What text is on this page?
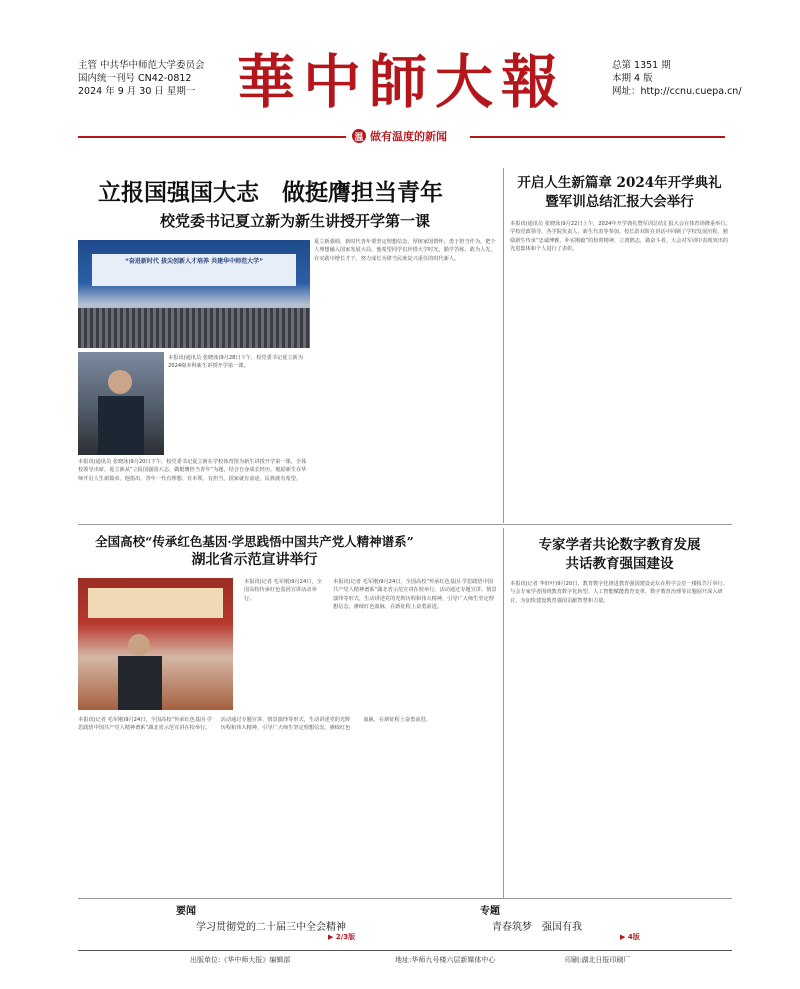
主管 中共华中师范大学委员会
国内统一刊号 CN42-0812
2024 年 9 月 30 日 星期一 華中師大報	总第 1351 期
本期 4 版
网址：http://ccnu.cuepa.cn/
温 做有温度的新闻
立报国强国大志　做挺膺担当青年
校党委书记夏立新为新生讲授开学第一课
“奋进新时代 拔尖创新人才培养 共建华中师范大学”
本报讯(通讯员 张晓泳)9月28日下午，校党委书记夏立新为2024级本科新生讲授开学第一课。
本报讯(通讯员 张晓泳)9月20日下午，校党委书记夏立新在学校体育馆为新生讲授开学第一课，全体校领导出席。夏立新从“立报国强国大志，做挺膺担当青年”为题，结合自身成长经历，勉励新生在华师开启人生新篇章。他指出，青年一代有理想、有本领、有担当，国家就有前途，民族就有希望。
夏立新强调，新时代青年要坚定理想信念，厚植家国情怀，勇于担当作为，把个人理想融入国家发展大局。他希望同学们珍惜大学时光，勤学苦练，敢为人先，在实践中增长才干，努力成长为堪当民族复兴重任的时代新人。
开启人生新篇章 2024年开学典礼
暨军训总结汇报大会举行
本报讯(通讯员 张晓泳)9月22日上午，2024年开学典礼暨军训总结汇报大会在体育场隆重举行。学校党政领导、各学院负责人、新生代表等参加。校长彭双阶在讲话中回顾了学校发展历程，勉励新生传承“忠诚博雅，朴实刚毅”的校训精神，立鸿鹄志，做奋斗者。大会对军训中表现突出的先进集体和个人进行了表彰。
全国高校“传承红色基因·学思践悟中国共产党人精神谱系”
湖北省示范宣讲举行
本报讯(记者 毛军刚)9月24日，全国高校传承红色基因宣讲活动举行。
本报讯(记者 毛军刚)9月24日，全国高校“传承红色基因·学思践悟中国共产党人精神谱系”湖北省示范宣讲在校举行。活动通过专题宣讲、情景演绎等形式，生动讲述党的光辉历程和伟大精神，引导广大师生坚定理想信念，赓续红色血脉，在新征程上奋勇前进。
本报讯(记者 毛军刚)9月24日，全国高校“传承红色基因·学思践悟中国共产党人精神谱系”湖北省示范宣讲在校举行。活动通过专题宣讲、情景演绎等形式，生动讲述党的光辉历程和伟大精神，引导广大师生坚定理想信念，赓续红色血脉，在新征程上奋勇前进。
专家学者共论数字教育发展
共话教育强国建设
本报讯(记者 华轩叶)9月20日，教育数字化推进教育强国建设论坛在科学会堂一楼报告厅举行。与会专家学者围绕教育数字化转型、人工智能赋能教育变革、数字教育治理等议题展开深入研讨，为加快建设教育强国贡献智慧和力量。
要闻
学习贯彻党的二十届三中全会精神
▶ 2/3版
专题
青春筑梦　强国有我
▶ 4版
出版单位:《华中师大报》编辑部	地址:华师九号楼六层新媒体中心	印刷:湖北日报印刷厂
